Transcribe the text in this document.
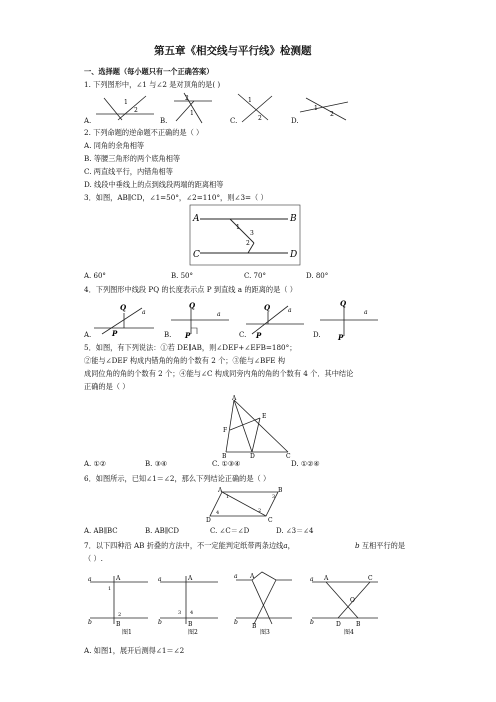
第五章《相交线与平行线》检测题
一、选择题（每小题只有一个正确答案）
1. 下列图形中，∠1 与∠2 是对顶角的是( )
1
2
2
1
1
2
1
2
A.	B.	C.	D.
2. 下列命题的逆命题不正确的是（ ）
A. 同角的余角相等
B. 等腰三角形的两个底角相等
C. 两直线平行，内错角相等
D. 线段中垂线上的点到线段两端的距离相等
3．如图，AB∥CD，∠1=50°，∠2=110°，则∠3=（ ）
A	B
C	D
1
2
3
A. 60°	B. 50°	C. 70°	D. 80°
4．下列图形中线段 PQ 的长度表示点 P 到直线 a 的距离的是（ ）
Q
a
P
Q
a
P
Q	a
P
Q
a
P
A.	B.	C.	D.
5．如图，有下列说法：①若 DE∥AB，则∠DEF+∠EFB=180°；
②能与∠DEF 构成内错角的角的个数有 2 个；③能与∠BFE 构
成同位角的角的个数有 2 个；④能与∠C 构成同旁内角的角的个数有 4 个．其中结论
正确的是（ ）
A
E
F
B	D	C
A. ①②	B. ③④	C. ①③④	D. ①②④
6．如图所示，已知∠1＝∠2，那么下列结论正确的是（ ）
A	B
D	C
1
2
3
4
A. AB∥BC	B. AB∥CD	C. ∠C＝∠D	D. ∠3＝∠4
7．以下四种沿 AB 折叠的方法中，不一定能判定纸带两条边线a，	b 互相平行的是
（ ）.
a
b
A
B
1
2
图1
a
b
A
B
3 4
图2
a
b
A
B
图3
a
b
A	C
D	B
O
图4
A. 如图1，展开后测得∠1＝∠2
